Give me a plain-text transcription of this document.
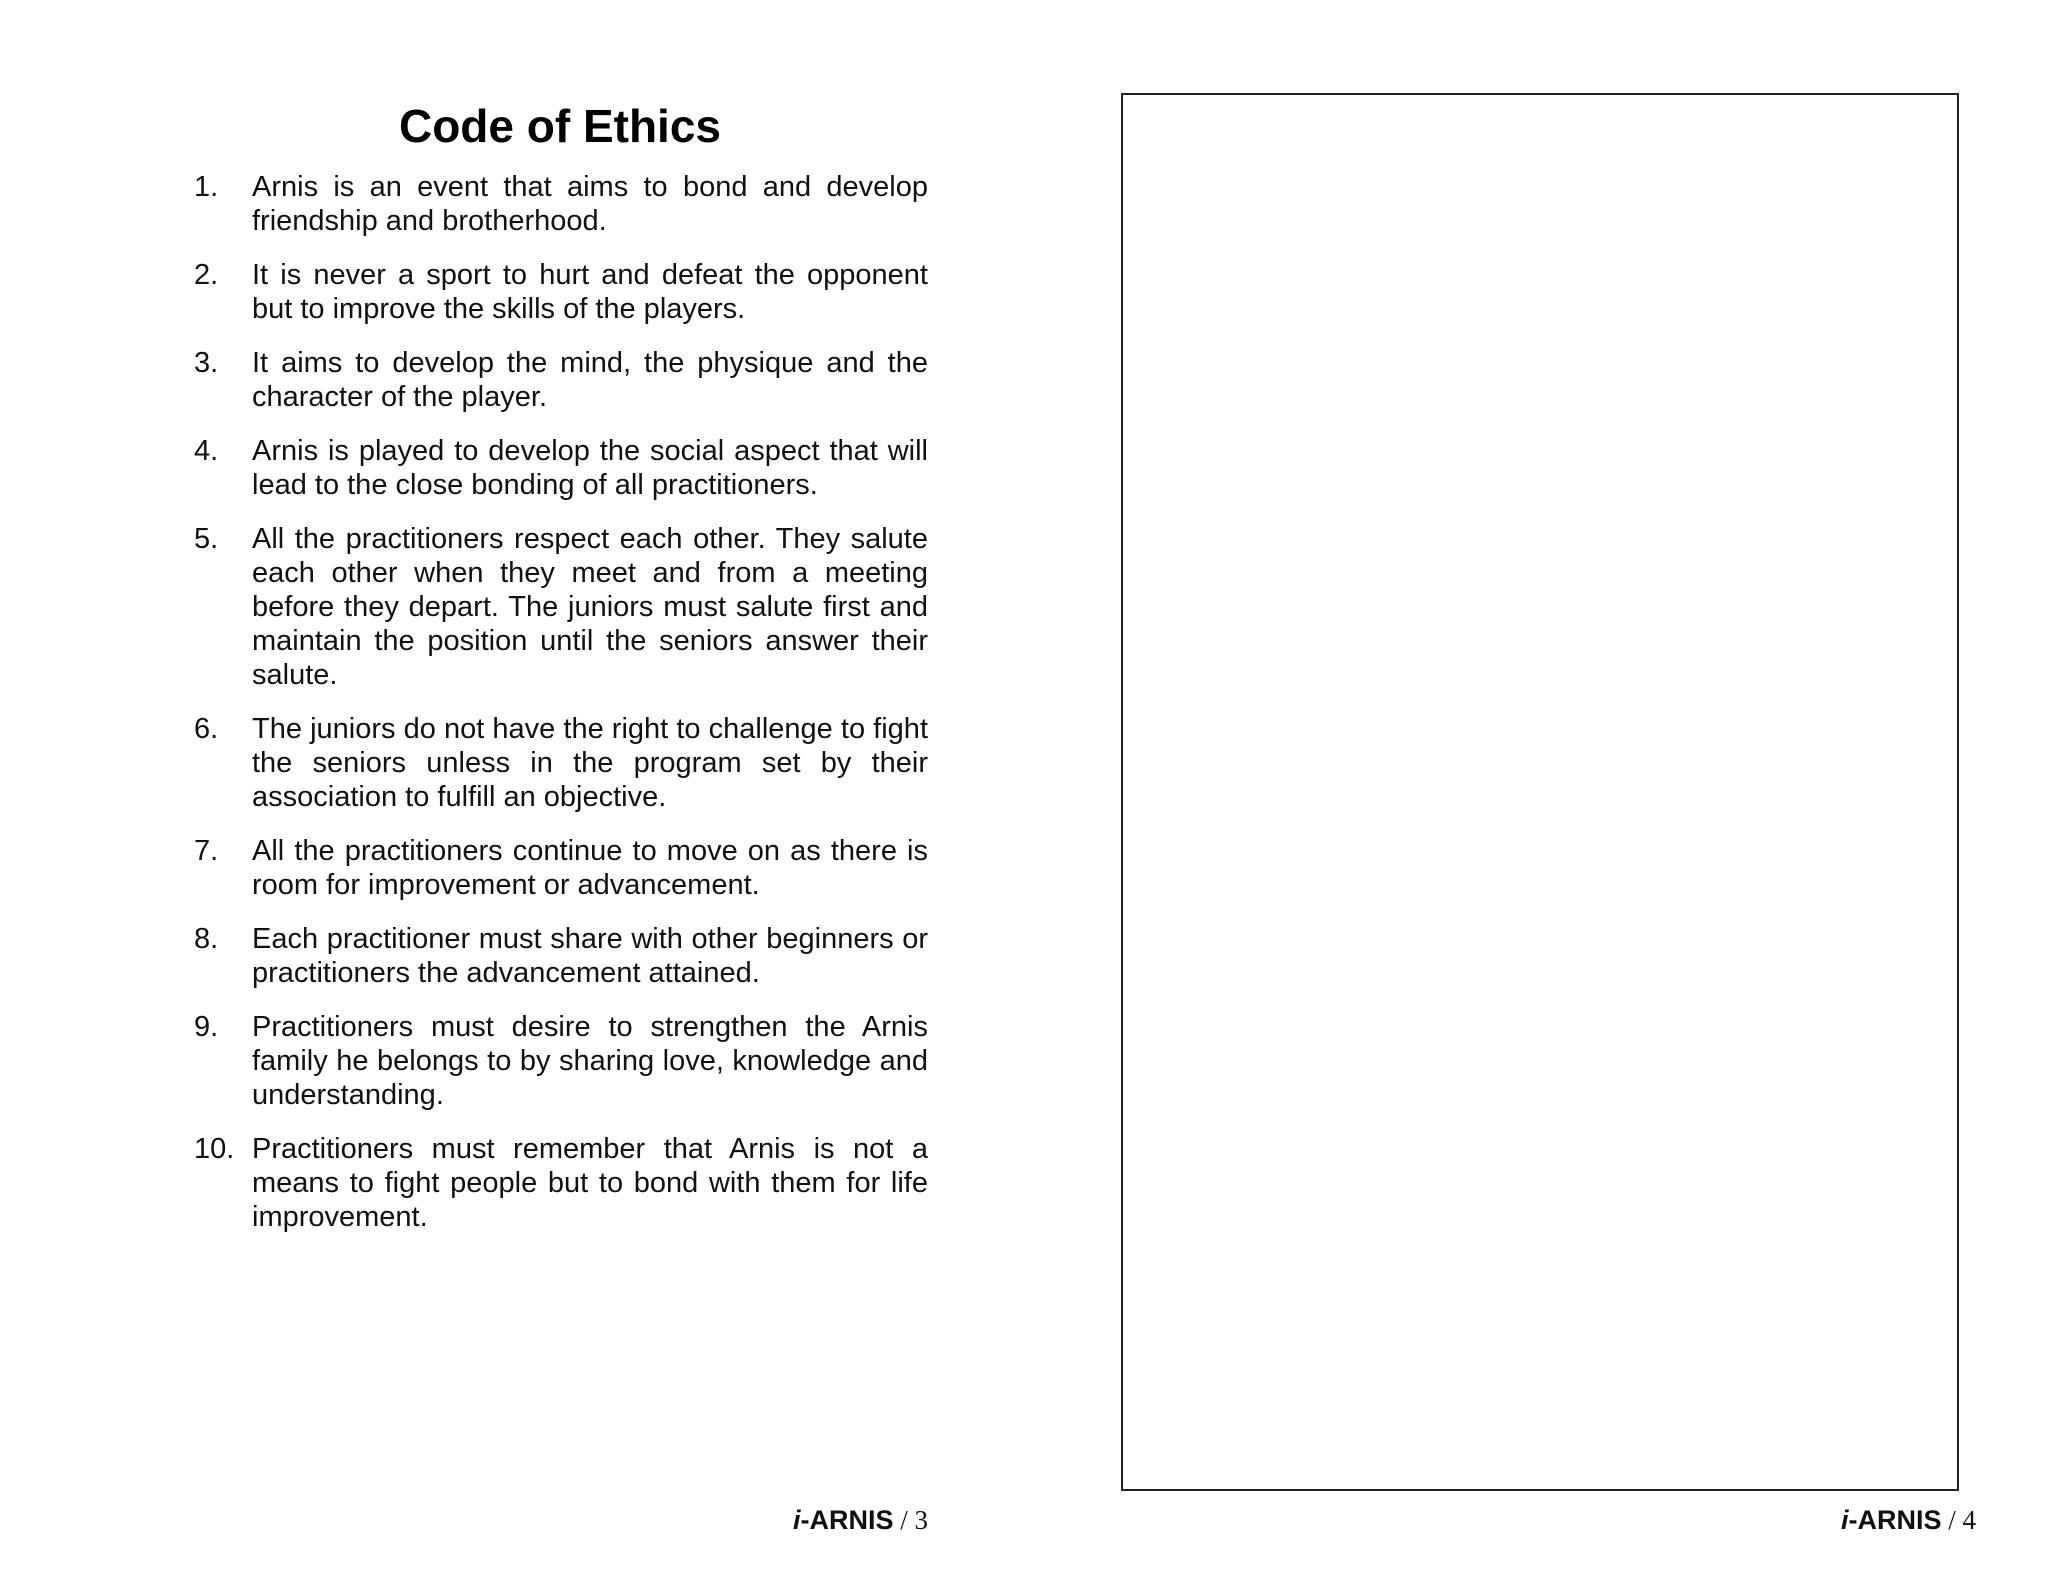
Code of Ethics
1. Arnis is an event that aims to bond and develop friendship and brotherhood.
2. It is never a sport to hurt and defeat the opponent but to improve the skills of the players.
3. It aims to develop the mind, the physique and the character of the player.
4. Arnis is played to develop the social aspect that will lead to the close bonding of all practitioners.
5. All the practitioners respect each other. They salute each other when they meet and from a meeting before they depart. The juniors must salute first and maintain the position until the seniors answer their salute.
6. The juniors do not have the right to challenge to fight the seniors unless in the program set by their association to fulfill an objective.
7. All the practitioners continue to move on as there is room for improvement or advancement.
8. Each practitioner must share with other beginners or practitioners the advancement attained.
9. Practitioners must desire to strengthen the Arnis family he belongs to by sharing love, knowledge and understanding.
10. Practitioners must remember that Arnis is not a means to fight people but to bond with them for life improvement.
i-ARNIS / 3	i-ARNIS / 4
